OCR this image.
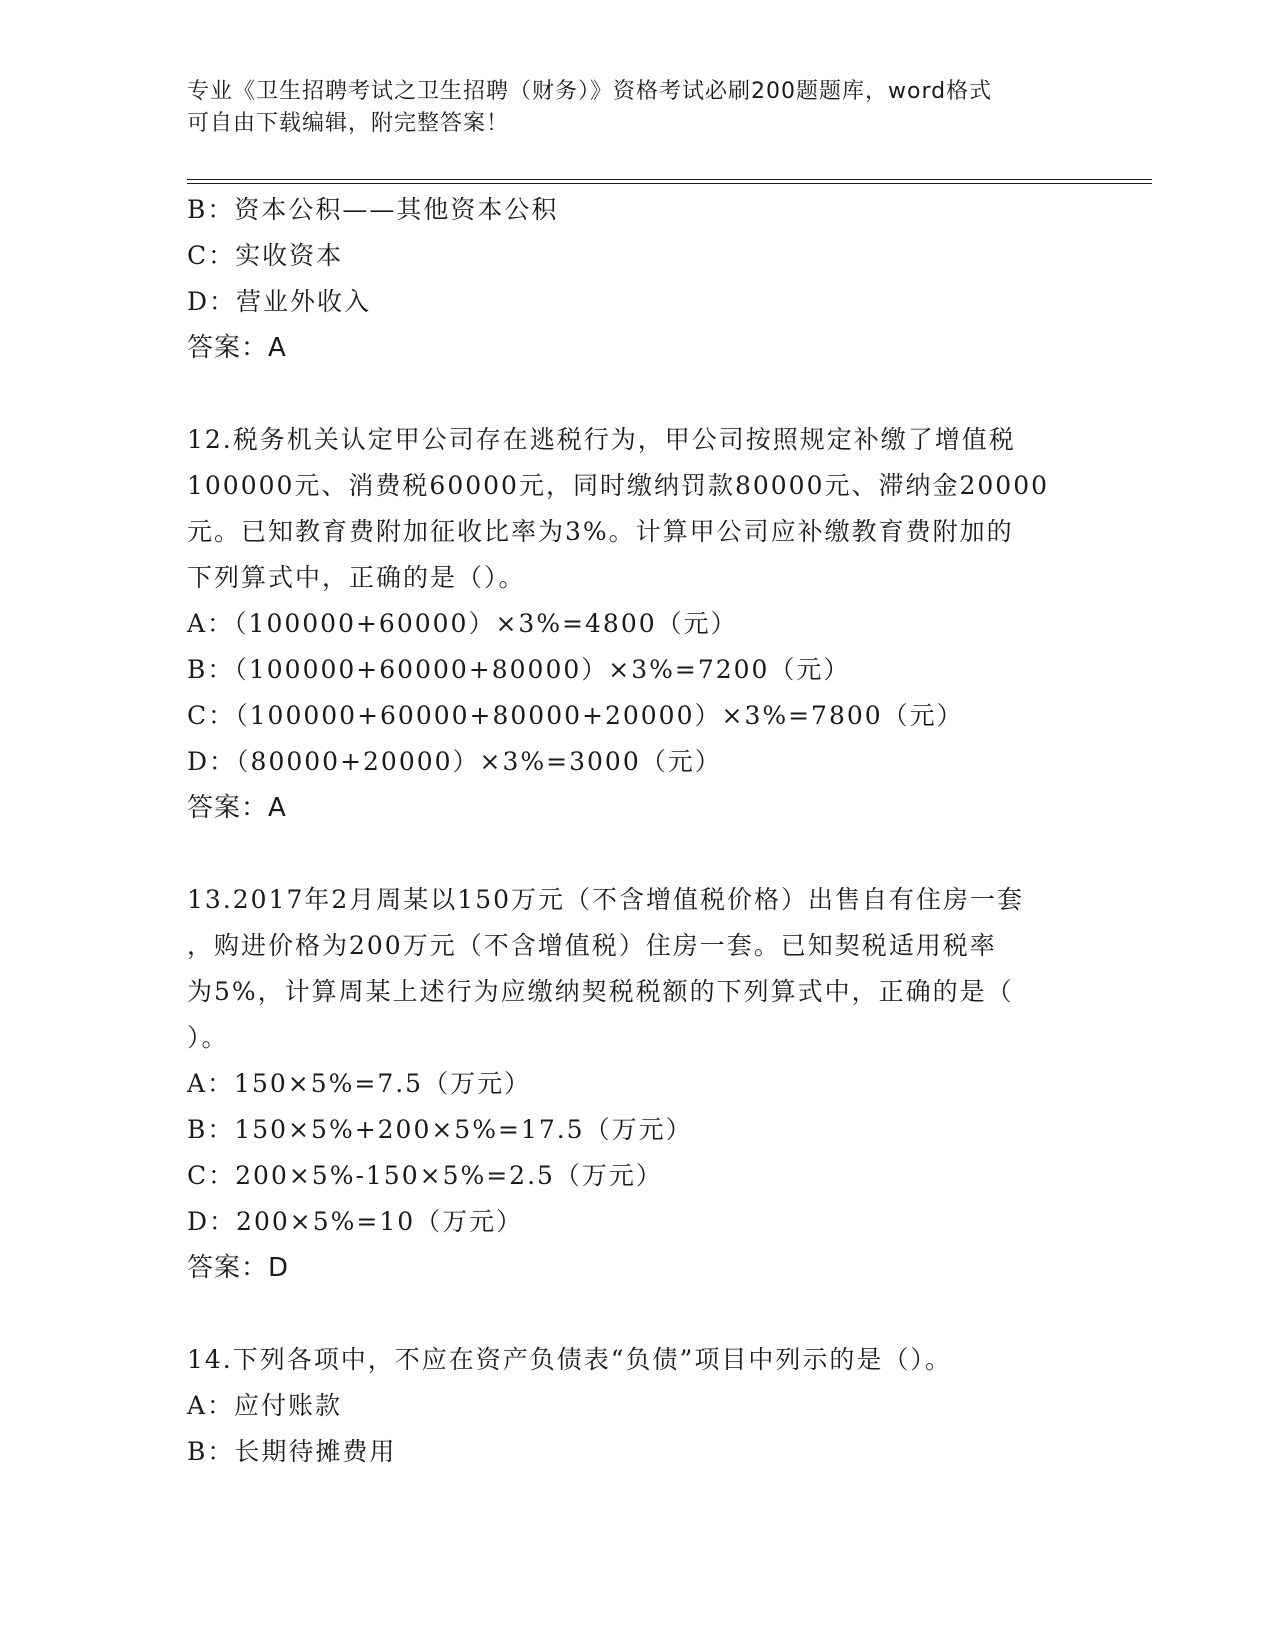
专业《卫生招聘考试之卫生招聘（财务）》资格考试必刷200题题库，word格式
可自由下载编辑，附完整答案！
B：资本公积——其他资本公积
C：实收资本
D：营业外收入
答案：A
12.税务机关认定甲公司存在逃税行为，甲公司按照规定补缴了增值税
100000元、消费税60000元，同时缴纳罚款80000元、滞纳金20000
元。已知教育费附加征收比率为3%。计算甲公司应补缴教育费附加的
下列算式中，正确的是（）。
A：（100000+60000）×3%=4800（元）
B：（100000+60000+80000）×3%=7200（元）
C：（100000+60000+80000+20000）×3%=7800（元）
D：（80000+20000）×3%=3000（元）
答案：A
13.2017年2月周某以150万元（不含增值税价格）出售自有住房一套
，购进价格为200万元（不含增值税）住房一套。已知契税适用税率
为5%，计算周某上述行为应缴纳契税税额的下列算式中，正确的是（
）。
A：150×5%=7.5（万元）
B：150×5%+200×5%=17.5（万元）
C：200×5%-150×5%=2.5（万元）
D：200×5%=10（万元）
答案：D
14.下列各项中，不应在资产负债表“负债”项目中列示的是（）。
A：应付账款
B：长期待摊费用
